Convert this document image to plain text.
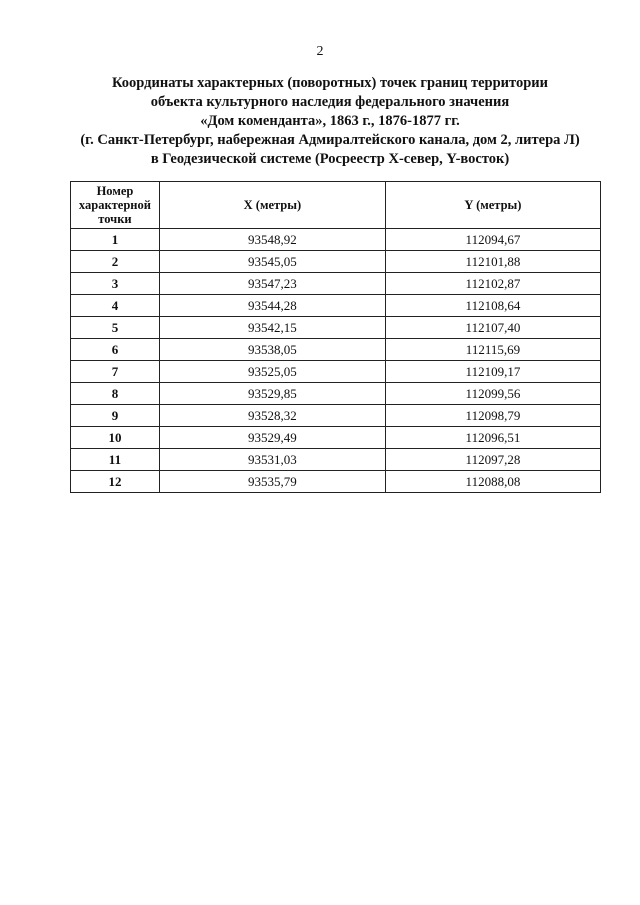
2
Координаты характерных (поворотных) точек границ территории
объекта культурного наследия федерального значения
«Дом коменданта», 1863 г., 1876-1877 гг.
(г. Санкт-Петербург, набережная Адмиралтейского канала, дом 2, литера Л)
в Геодезической системе (Росреестр X-север, Y-восток)
Номер
характерной
точки	X (метры)	Y (метры)
1	93548,92	112094,67
2	93545,05	112101,88
3	93547,23	112102,87
4	93544,28	112108,64
5	93542,15	112107,40
6	93538,05	112115,69
7	93525,05	112109,17
8	93529,85	112099,56
9	93528,32	112098,79
10	93529,49	112096,51
11	93531,03	112097,28
12	93535,79	112088,08
